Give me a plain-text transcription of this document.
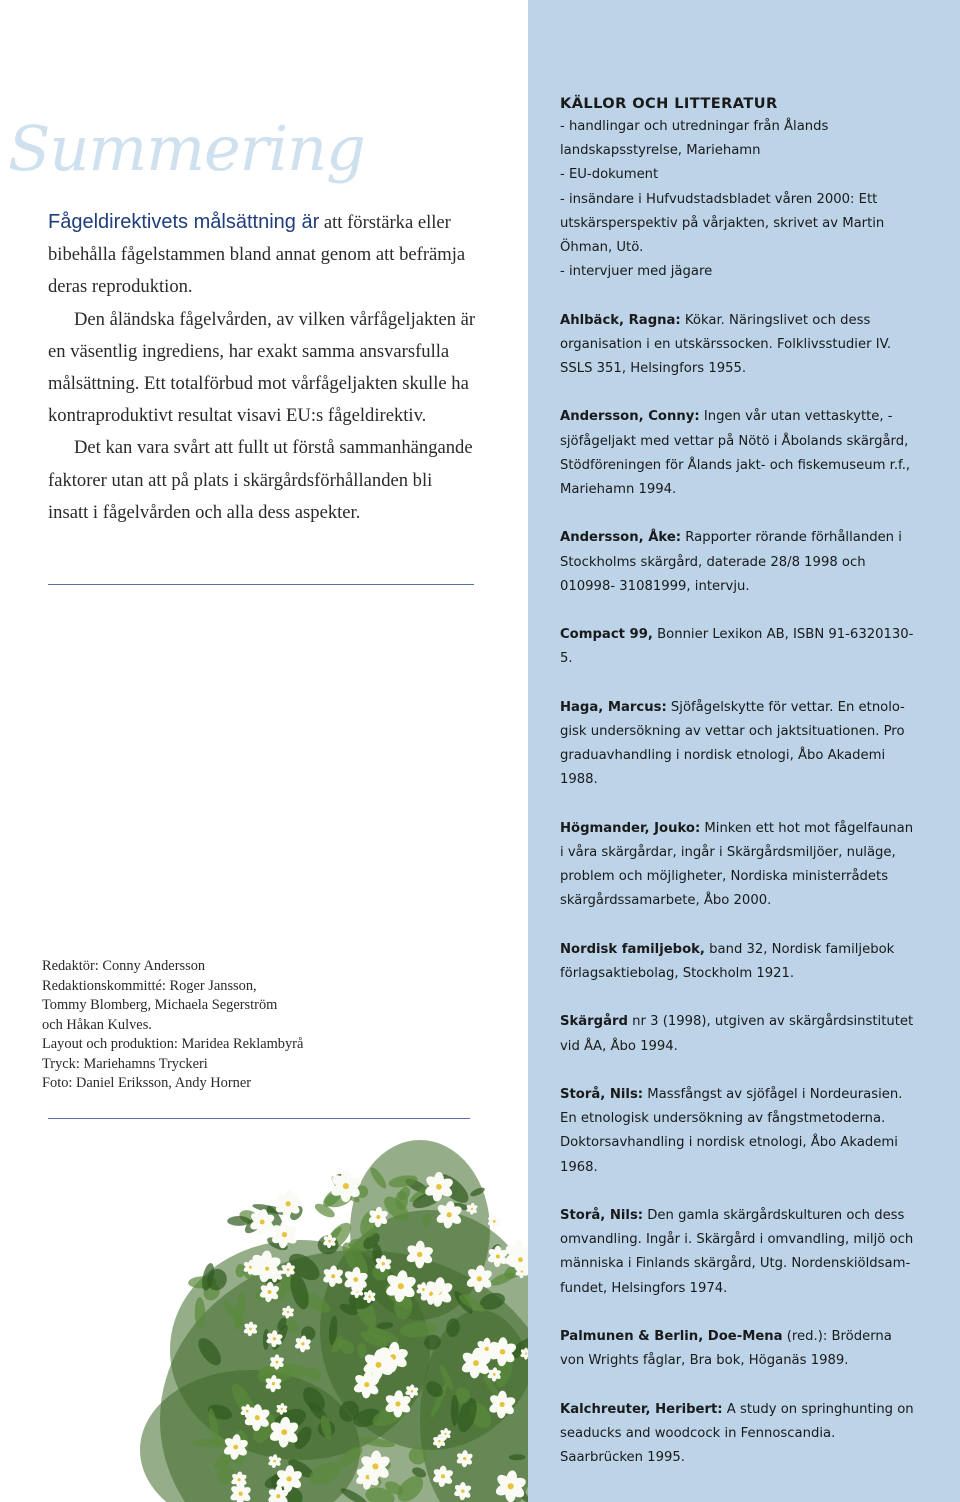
Summering

Fågeldirektivets målsättning är att förstärka eller bibehålla fågelstammen bland annat genom att befrämja deras reproduktion.

Den åländska fågelvården, av vilken vårfågeljakten är en väsentlig ingrediens, har exakt samma ansvarsfulla målsättning. Ett totalförbud mot vårfågeljakten skulle ha kontraproduktivt resultat visavi EU:s fågeldirektiv.

Det kan vara svårt att fullt ut förstå sammanhängande faktorer utan att på plats i skärgårdsförhållanden bli insatt i fågelvården och alla dess aspekter.

Redaktör: Conny Andersson
Redaktionskommitté: Roger Jansson,
Tommy Blomberg, Michaela Segerström
och Håkan Kulves.
Layout och produktion: Maridea Reklambyrå
Tryck: Mariehamns Tryckeri
Foto: Daniel Eriksson, Andy Horner
KÄLLOR OCH LITTERATUR
- handlingar och utredningar från Ålands
landskapsstyrelse, Mariehamn
- EU-dokument
- insändare i Hufvudstadsbladet våren 2000: Ett
utskärsperspektiv på vårjakten, skrivet av Martin
Öhman, Utö.
- intervjuer med jägare
Ahlbäck, Ragna: Kökar. Näringslivet och dess organisation i en utskärssocken. Folklivsstudier IV. SSLS 351, Helsingfors 1955.
Andersson, Conny: Ingen vår utan vettaskytte, - sjöfågeljakt med vettar på Nötö i Åbolands skärgård, Stödföreningen för Ålands jakt- och fiskemuseum r.f., Mariehamn 1994.
Andersson, Åke: Rapporter rörande förhållanden i Stockholms skärgård, daterade 28/8 1998 och 010998- 31081999, intervju.
Compact 99, Bonnier Lexikon AB, ISBN 91-6320130-5.
Haga, Marcus: Sjöfågelskytte för vettar. En etnologisk undersökning av vettar och jaktsituationen. Pro graduavhandling i nordisk etnologi, Åbo Akademi 1988.
Högmander, Jouko: Minken ett hot mot fågelfaunan i våra skärgårdar, ingår i Skärgårdsmiljöer, nuläge, problem och möjligheter, Nordiska ministerrådets skärgårdssamarbete, Åbo 2000.
Nordisk familjebok, band 32, Nordisk familjebok förlagsaktiebolag, Stockholm 1921.
Skärgård nr 3 (1998), utgiven av skärgårdsinstitutet vid ÅA, Åbo 1994.
Storå, Nils: Massfångst av sjöfågel i Nordeurasien. En etnologisk undersökning av fångstmetoderna. Doktorsavhandling i nordisk etnologi, Åbo Akademi 1968.
Storå, Nils: Den gamla skärgårdskulturen och dess omvandling. Ingår i. Skärgård i omvandling, miljö och människa i Finlands skärgård, Utg. Nordenskiöldsamfundet, Helsingfors 1974.
Palmunen & Berlin, Doe-Mena (red.): Bröderna von Wrights fåglar, Bra bok, Höganäs 1989.
Kalchreuter, Heribert: A study on springhunting on seaducks and woodcock in Fennoscandia. Saarbrücken 1995.
